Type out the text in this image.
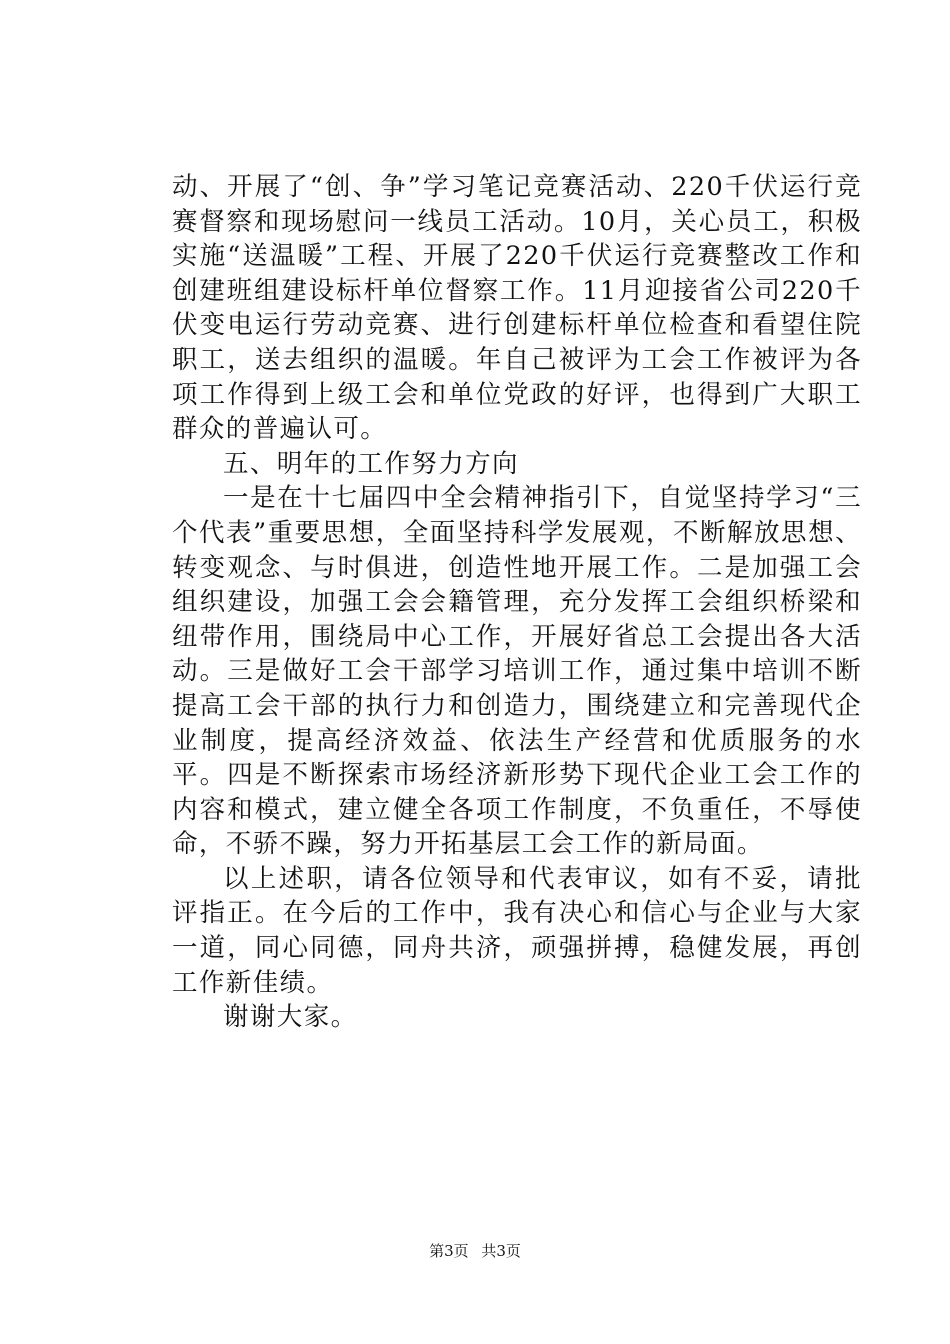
动、开展了“创、争”学习笔记竞赛活动、220千伏运行竞赛督察和现场慰问一线员工活动。10月，关心员工，积极实施“送温暖”工程、开展了220千伏运行竞赛整改工作和创建班组建设标杆单位督察工作。11月迎接省公司220千伏变电运行劳动竞赛、进行创建标杆单位检查和看望住院职工，送去组织的温暖。年自己被评为工会工作被评为各项工作得到上级工会和单位党政的好评，也得到广大职工群众的普遍认可。

五、明年的工作努力方向

一是在十七届四中全会精神指引下，自觉坚持学习“三个代表”重要思想，全面坚持科学发展观，不断解放思想、转变观念、与时俱进，创造性地开展工作。二是加强工会组织建设，加强工会会籍管理，充分发挥工会组织桥梁和纽带作用，围绕局中心工作，开展好省总工会提出各大活动。三是做好工会干部学习培训工作，通过集中培训不断提高工会干部的执行力和创造力，围绕建立和完善现代企业制度，提高经济效益、依法生产经营和优质服务的水平。四是不断探索市场经济新形势下现代企业工会工作的内容和模式，建立健全各项工作制度，不负重任，不辱使命，不骄不躁，努力开拓基层工会工作的新局面。

以上述职，请各位领导和代表审议，如有不妥，请批评指正。在今后的工作中，我有决心和信心与企业与大家一道，同心同德，同舟共济，顽强拼搏，稳健发展，再创工作新佳绩。

谢谢大家。

第3页 共3页
